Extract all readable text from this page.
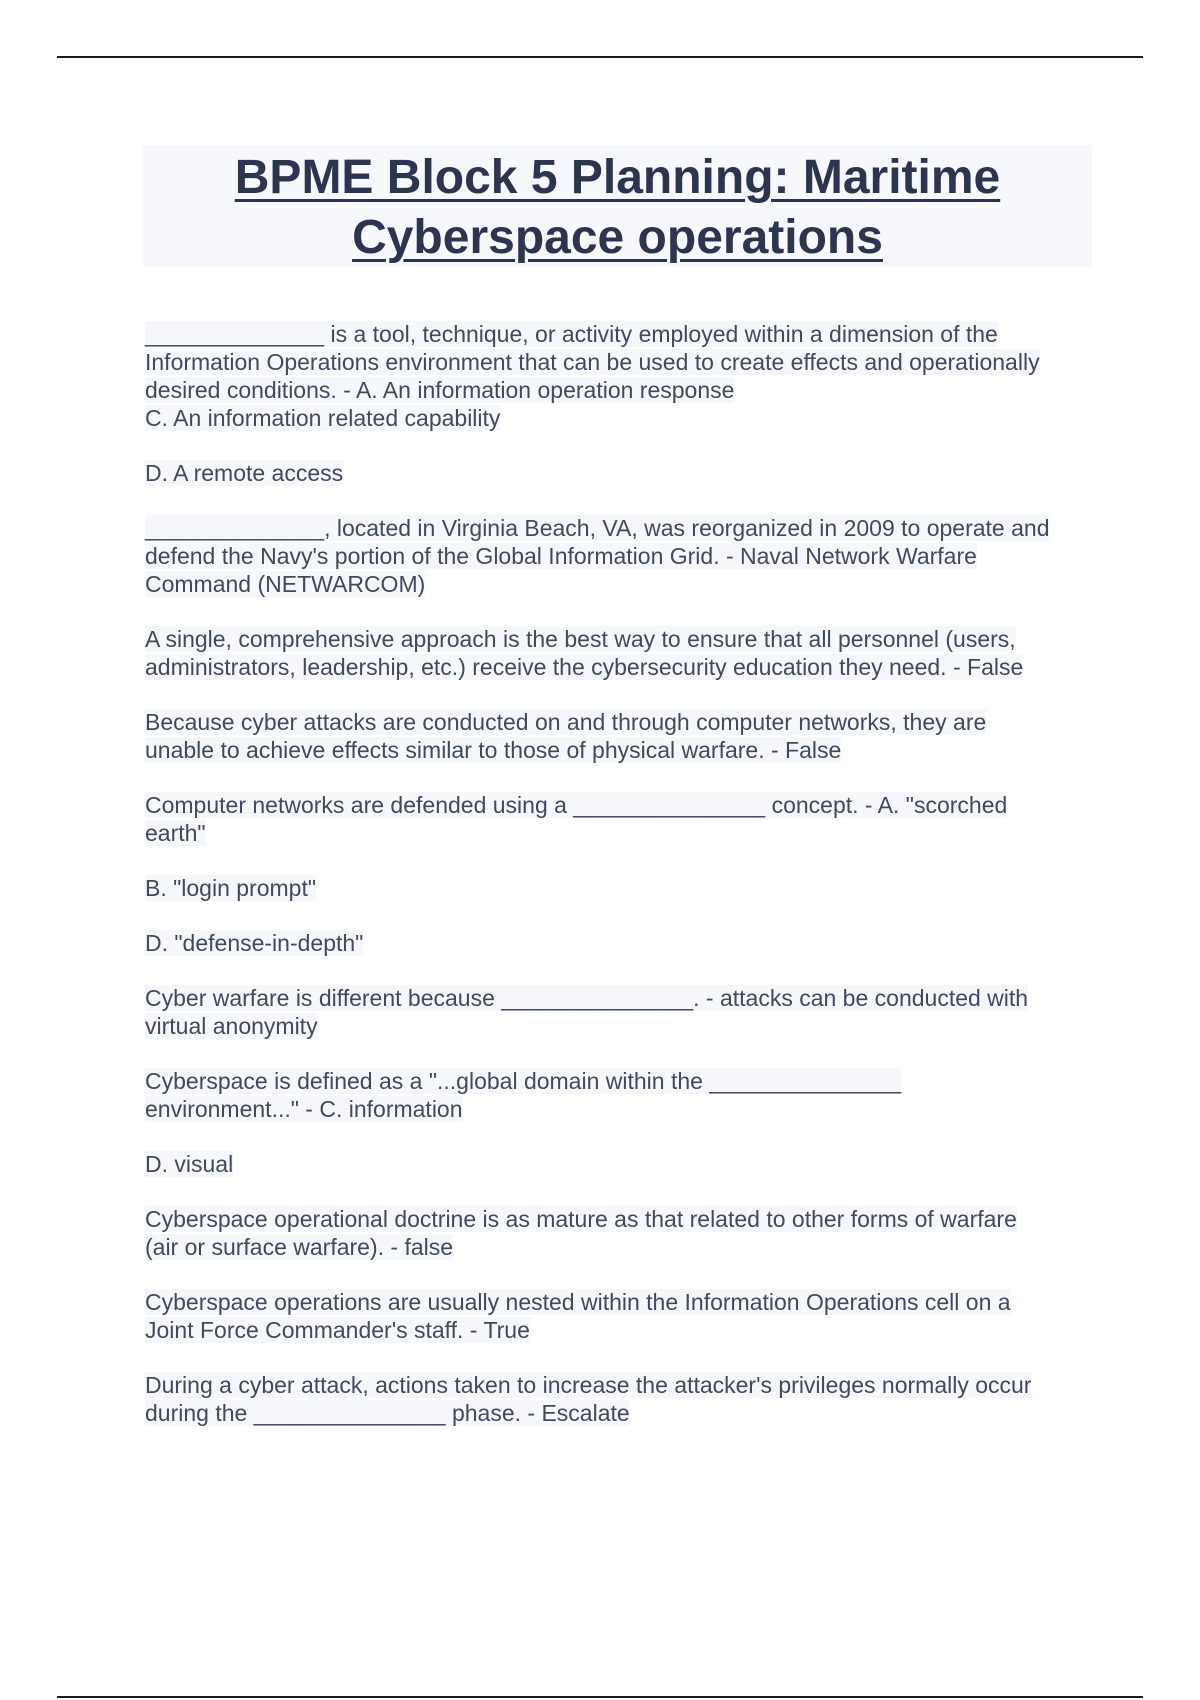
BPME Block 5 Planning: Maritime
Cyberspace operations

______________ is a tool, technique, or activity employed within a dimension of the

Information Operations environment that can be used to create effects and operationally

desired conditions. - A. An information operation response

C. An information related capability

D. A remote access

______________, located in Virginia Beach, VA, was reorganized in 2009 to operate and

defend the Navy's portion of the Global Information Grid. - Naval Network Warfare

Command (NETWARCOM)

A single, comprehensive approach is the best way to ensure that all personnel (users,

administrators, leadership, etc.) receive the cybersecurity education they need. - False

Because cyber attacks are conducted on and through computer networks, they are

unable to achieve effects similar to those of physical warfare. - False

Computer networks are defended using a _______________ concept. - A. "scorched

earth"

B. "login prompt"

D. "defense-in-depth"

Cyber warfare is different because _______________. - attacks can be conducted with

virtual anonymity

Cyberspace is defined as a "...global domain within the _______________

environment..." - C. information

D. visual

Cyberspace operational doctrine is as mature as that related to other forms of warfare

(air or surface warfare). - false

Cyberspace operations are usually nested within the Information Operations cell on a

Joint Force Commander's staff. - True

During a cyber attack, actions taken to increase the attacker's privileges normally occur

during the _______________ phase. - Escalate
